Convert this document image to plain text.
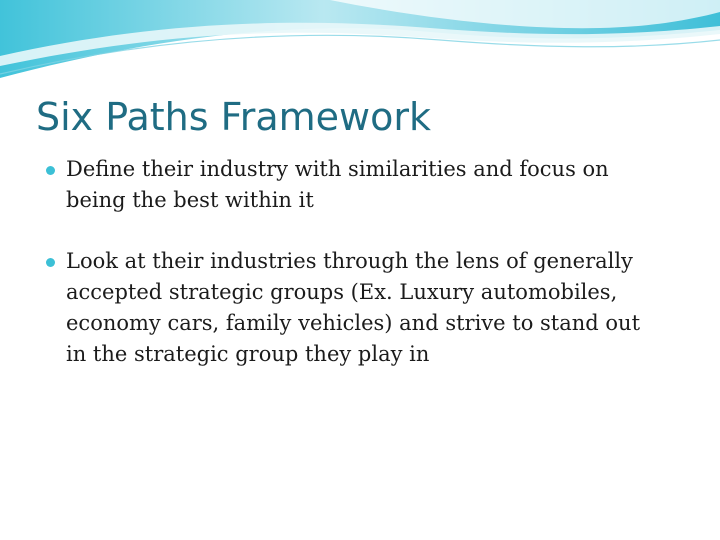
Six Paths Framework
Define their industry with similarities and focus on being the best within it
Look at their industries through the lens of generally accepted strategic groups (Ex. Luxury automobiles, economy cars, family vehicles) and strive to stand out in the strategic group they play in
